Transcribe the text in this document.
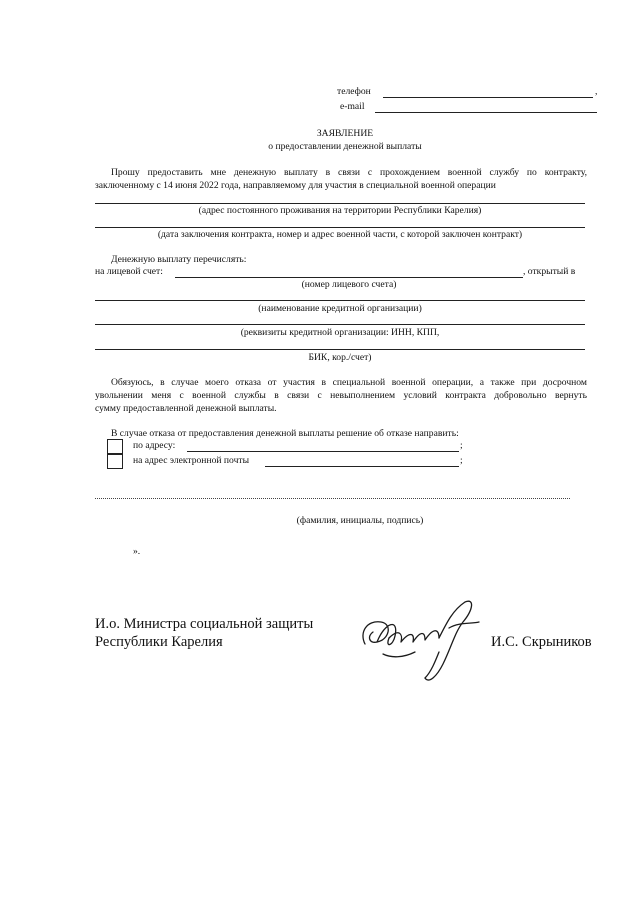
телефон	,
e-mail
ЗАЯВЛЕНИЕ
о предоставлении денежной выплаты
Прошу предоставить мне денежную выплату в связи с прохождением военной службу по контракту,
заключенному с 14 июня 2022 года, направляемому для участия в специальной военной операции
(адрес постоянного проживания на территории Республики Карелия)
(дата заключения контракта, номер и адрес военной части, с которой заключен контракт)
Денежную выплату перечислять:
на лицевой счет:	, открытый в
(номер лицевого счета)
(наименование кредитной организации)
(реквизиты кредитной организации: ИНН, КПП,
БИК, кор./счет)
Обязуюсь, в случае моего отказа от участия в специальной военной операции, а также при досрочном
увольнении меня с военной службы в связи с невыполнением условий контракта добровольно вернуть
сумму предоставленной денежной выплаты.
В случае отказа от предоставления денежной выплаты решение об отказе направить:
по адресу:	;
на адрес электронной почты	;
(фамилия, инициалы, подпись)
».
И.о. Министра социальной защиты
Республики Карелия	И.С. Скрыников
